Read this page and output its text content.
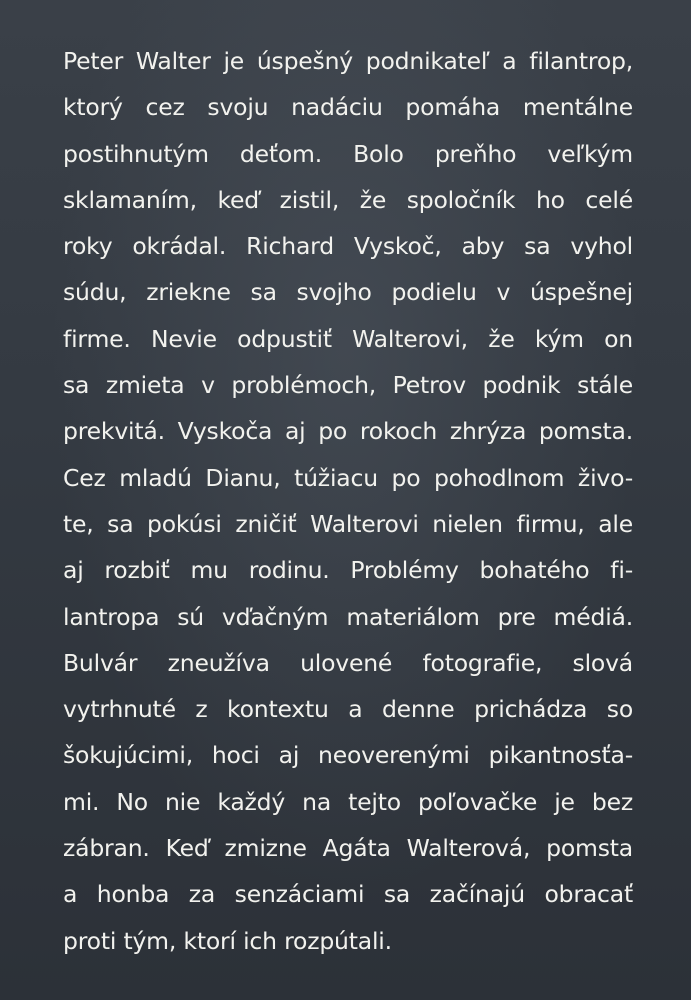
Peter Walter je úspešný podnikateľ a filantrop,
ktorý cez svoju nadáciu pomáha mentálne
postihnutým deťom. Bolo preňho veľkým
sklamaním, keď zistil, že spoločník ho celé
roky okrádal. Richard Vyskoč, aby sa vyhol
súdu, zriekne sa svojho podielu v úspešnej
firme. Nevie odpustiť Walterovi, že kým on
sa zmieta v problémoch, Petrov podnik stále
prekvitá. Vyskoča aj po rokoch zhrýza pomsta.
Cez mladú Dianu, túžiacu po pohodlnom živo-
te, sa pokúsi zničiť Walterovi nielen firmu, ale
aj rozbiť mu rodinu. Problémy bohatého fi-
lantropa sú vďačným materiálom pre médiá.
Bulvár zneužíva ulovené fotografie, slová
vytrhnuté z kontextu a denne prichádza so
šokujúcimi, hoci aj neoverenými pikantnosťa-
mi. No nie každý na tejto poľovačke je bez
zábran. Keď zmizne Agáta Walterová, pomsta
a honba za senzáciami sa začínajú obracať
proti tým, ktorí ich rozpútali.
